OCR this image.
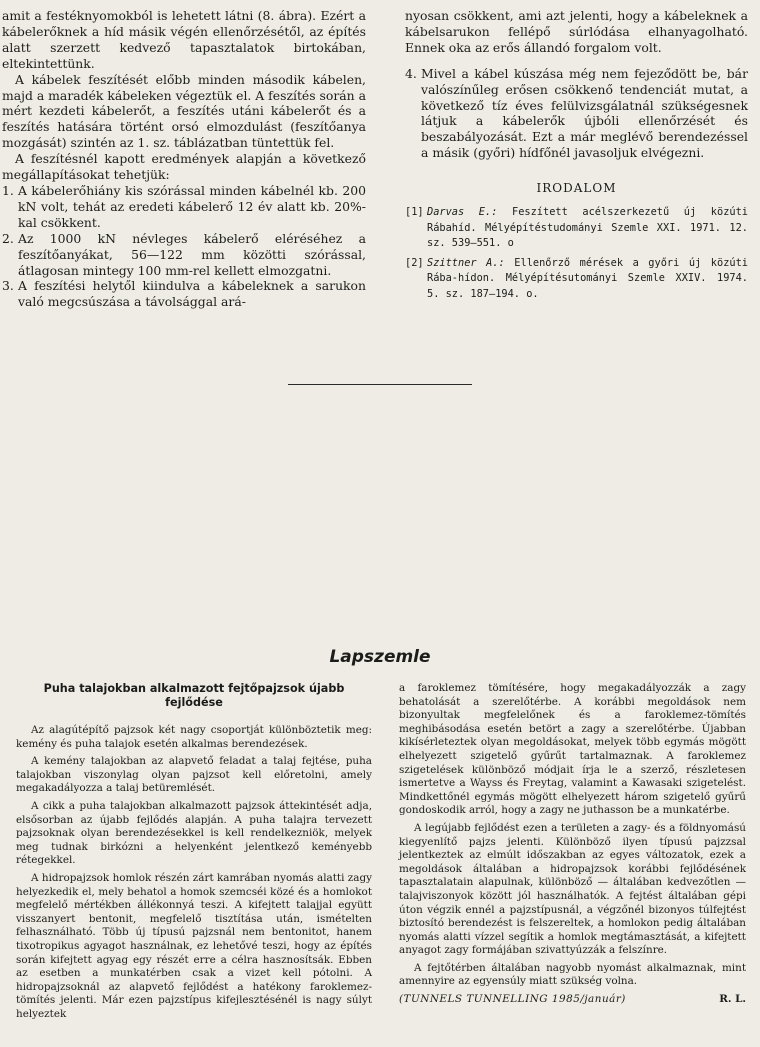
amit a festéknyomokból is lehetett látni (8. ábra). Ezért a kábelerőknek a híd másik végén ellenőrzésétől, az építés alatt szerzett kedvező tapasztalatok birtokában, eltekintettünk.

A kábelek feszítését előbb minden második kábelen, majd a maradék kábeleken végeztük el. A feszítés során a mért kezdeti kábelerőt, a feszítés utáni kábelerőt és a feszítés hatására történt orsó elmozdulást (feszítőanya mozgását) szintén az 1. sz. táblázatban tüntettük fel.

A feszítésnél kapott eredmények alapján a következő megállapításokat tehetjük:

1. A kábelerőhiány kis szórással minden kábelnél kb. 200 kN volt, tehát az eredeti kábelerő 12 év alatt kb. 20%-kal csökkent.
2. Az 1000 kN névleges kábelerő eléréséhez a feszítőanyákat, 56—122 mm közötti szórással, átlagosan mintegy 100 mm-rel kellett elmozgatni.
3. A feszítési helytől kiindulva a kábeleknek a sarukon való megcsúszása a távolsággal ará-

nyosan csökkent, ami azt jelenti, hogy a kábeleknek a kábelsarukon fellépő súrlódása elhanyagolható. Ennek oka az erős állandó forgalom volt.

4. Mivel a kábel kúszása még nem fejeződött be, bár valószínűleg erősen csökkenő tendenciát mutat, a következő tíz éves felülvizsgálatnál szükségesnek látjuk a kábelerők újbóli ellenőrzését és beszabályozását. Ezt a már meglévő berendezéssel a másik (győri) hídfőnél javasoljuk elvégezni.

IRODALOM

[1] Darvas E.: Feszített acélszerkezetű új közúti Rábahíd. Mélyépítéstudományi Szemle XXI. 1971. 12. sz. 539—551. o
[2] Szittner A.: Ellenőrző mérések a győri új közúti Rába-hídon. Mélyépítésutományi Szemle XXIV. 1974. 5. sz. 187—194. o.
Lapszemle
Puha talajokban alkalmazott fejtőpajzsok újabb fejlődése

Az alagútépítő pajzsok két nagy csoportját különböztetik meg: kemény és puha talajok esetén alkalmas berendezések.

A kemény talajokban az alapvető feladat a talaj fejtése, puha talajokban viszonylag olyan pajzsot kell előretolni, amely megakadályozza a talaj betüremlését.

A cikk a puha talajokban alkalmazott pajzsok áttekintését adja, elsősorban az újabb fejlődés alapján. A puha talajra tervezett pajzsoknak olyan berendezésekkel is kell rendelkezniök, melyek meg tudnak birkózni a helyenként jelentkező keményebb rétegekkel.

A hidropajzsok homlok részén zárt kamrában nyomás alatti zagy helyezkedik el, mely behatol a homok szemcséi közé és a homlokot megfelelő mértékben állékonnyá teszi. A kifejtett talajjal együtt visszanyert bentonit, megfelelő tisztítása után, ismételten felhasználható. Több új típusú pajzsnál nem bentonitot, hanem tixotropikus agyagot használnak, ez lehetővé teszi, hogy az építés során kifejtett agyag egy részét erre a célra hasznosítsák. Ebben az esetben a munkatérben csak a vizet kell pótolni. A hidropajzsoknál az alapvető fejlődést a hatékony faroklemez-tömítés jelenti. Már ezen pajzstípus kifejlesztésénél is nagy súlyt helyeztek

a faroklemez tömítésére, hogy megakadályozzák a zagy behatolását a szerelőtérbe. A korábbi megoldások nem bizonyultak megfelelőnek és a faroklemez-tömítés meghibásodása esetén betört a zagy a szerelőtérbe. Újabban kikísérleteztek olyan megoldásokat, melyek több egymás mögött elhelyezett szigetelő gyűrűt tartalmaznak. A faroklemez szigetelések különböző módjait írja le a szerző, részletesen ismertetve a Wayss és Freytag, valamint a Kawasaki szigetelést. Mindkettőnél egymás mögött elhelyezett három szigetelő gyűrű gondoskodik arról, hogy a zagy ne juthasson be a munkatérbe.

A legújabb fejlődést ezen a területen a zagy- és a földnyomású kiegyenlítő pajzs jelenti. Különböző ilyen típusú pajzzsal jelentkeztek az elmúlt időszakban az egyes változatok, ezek a megoldások általában a hidropajzsok korábbi fejlődésének tapasztalatain alapulnak, különböző — általában kedvezőtlen — talajviszonyok között jól használhatók. A fejtést általában gépi úton végzik ennél a pajzstípusnál, a végzőnél bizonyos túlfejtést biztosító berendezést is felszereltek, a homlokon pedig általában nyomás alatti vízzel segítik a homlok megtámasztását, a kifejtett anyagot zagy formájában szivattyúzzák a felszínre.

A fejtőtérben általában nagyobb nyomást alkalmaznak, mint amennyire az egyensúly miatt szükség volna.

(TUNNELS TUNNELLING 1985/január)	R. L.
